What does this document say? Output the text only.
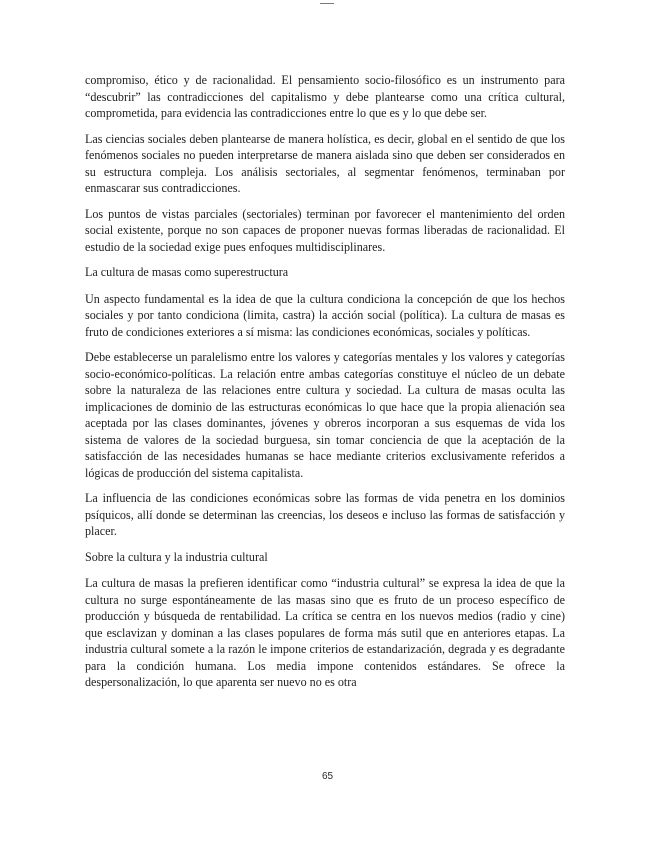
compromiso, ético y de racionalidad. El pensamiento socio-filosófico es un instrumento para “descubrir” las contradicciones del capitalismo y debe plantearse como una crítica cultural, comprometida, para evidencia las contradicciones entre lo que es y lo que debe ser.

Las ciencias sociales deben plantearse de manera holística, es decir, global en el sentido de que los fenómenos sociales no pueden interpretarse de manera aislada sino que deben ser considerados en su estructura compleja. Los análisis sectoriales, al segmentar fenómenos, terminaban por enmascarar sus contradicciones.

Los puntos de vistas parciales (sectoriales) terminan por favorecer el mantenimiento del orden social existente, porque no son capaces de proponer nuevas formas liberadas de racionalidad. El estudio de la sociedad exige pues enfoques multidisciplinares.

La cultura de masas como superestructura

Un aspecto fundamental es la idea de que la cultura condiciona la concepción de que los hechos sociales y por tanto condiciona (limita, castra) la acción social (política). La cultura de masas es fruto de condiciones exteriores a sí misma: las condiciones económicas, sociales y políticas.

Debe establecerse un paralelismo entre los valores y categorías mentales y los valores y categorías socio-económico-políticas. La relación entre ambas categorías constituye el núcleo de un debate sobre la naturaleza de las relaciones entre cultura y sociedad. La cultura de masas oculta las implicaciones de dominio de las estructuras económicas lo que hace que la propia alienación sea aceptada por las clases dominantes, jóvenes y obreros incorporan a sus esquemas de vida los sistema de valores de la sociedad burguesa, sin tomar conciencia de que la aceptación de la satisfacción de las necesidades humanas se hace mediante criterios exclusivamente referidos a lógicas de producción del sistema capitalista.

La influencia de las condiciones económicas sobre las formas de vida penetra en los dominios psíquicos, allí donde se determinan las creencias, los deseos e incluso las formas de satisfacción y placer.

Sobre la cultura y la industria cultural

La cultura de masas la prefieren identificar como “industria cultural” se expresa la idea de que la cultura no surge espontáneamente de las masas sino que es fruto de un proceso específico de producción y búsqueda de rentabilidad. La crítica se centra en los nuevos medios (radio y cine) que esclavizan y dominan a las clases populares de forma más sutil que en anteriores etapas. La industria cultural somete a la razón le impone criterios de estandarización, degrada y es degradante para la condición humana. Los media impone contenidos estándares. Se ofrece la despersonalización, lo que aparenta ser nuevo no es otra

65
